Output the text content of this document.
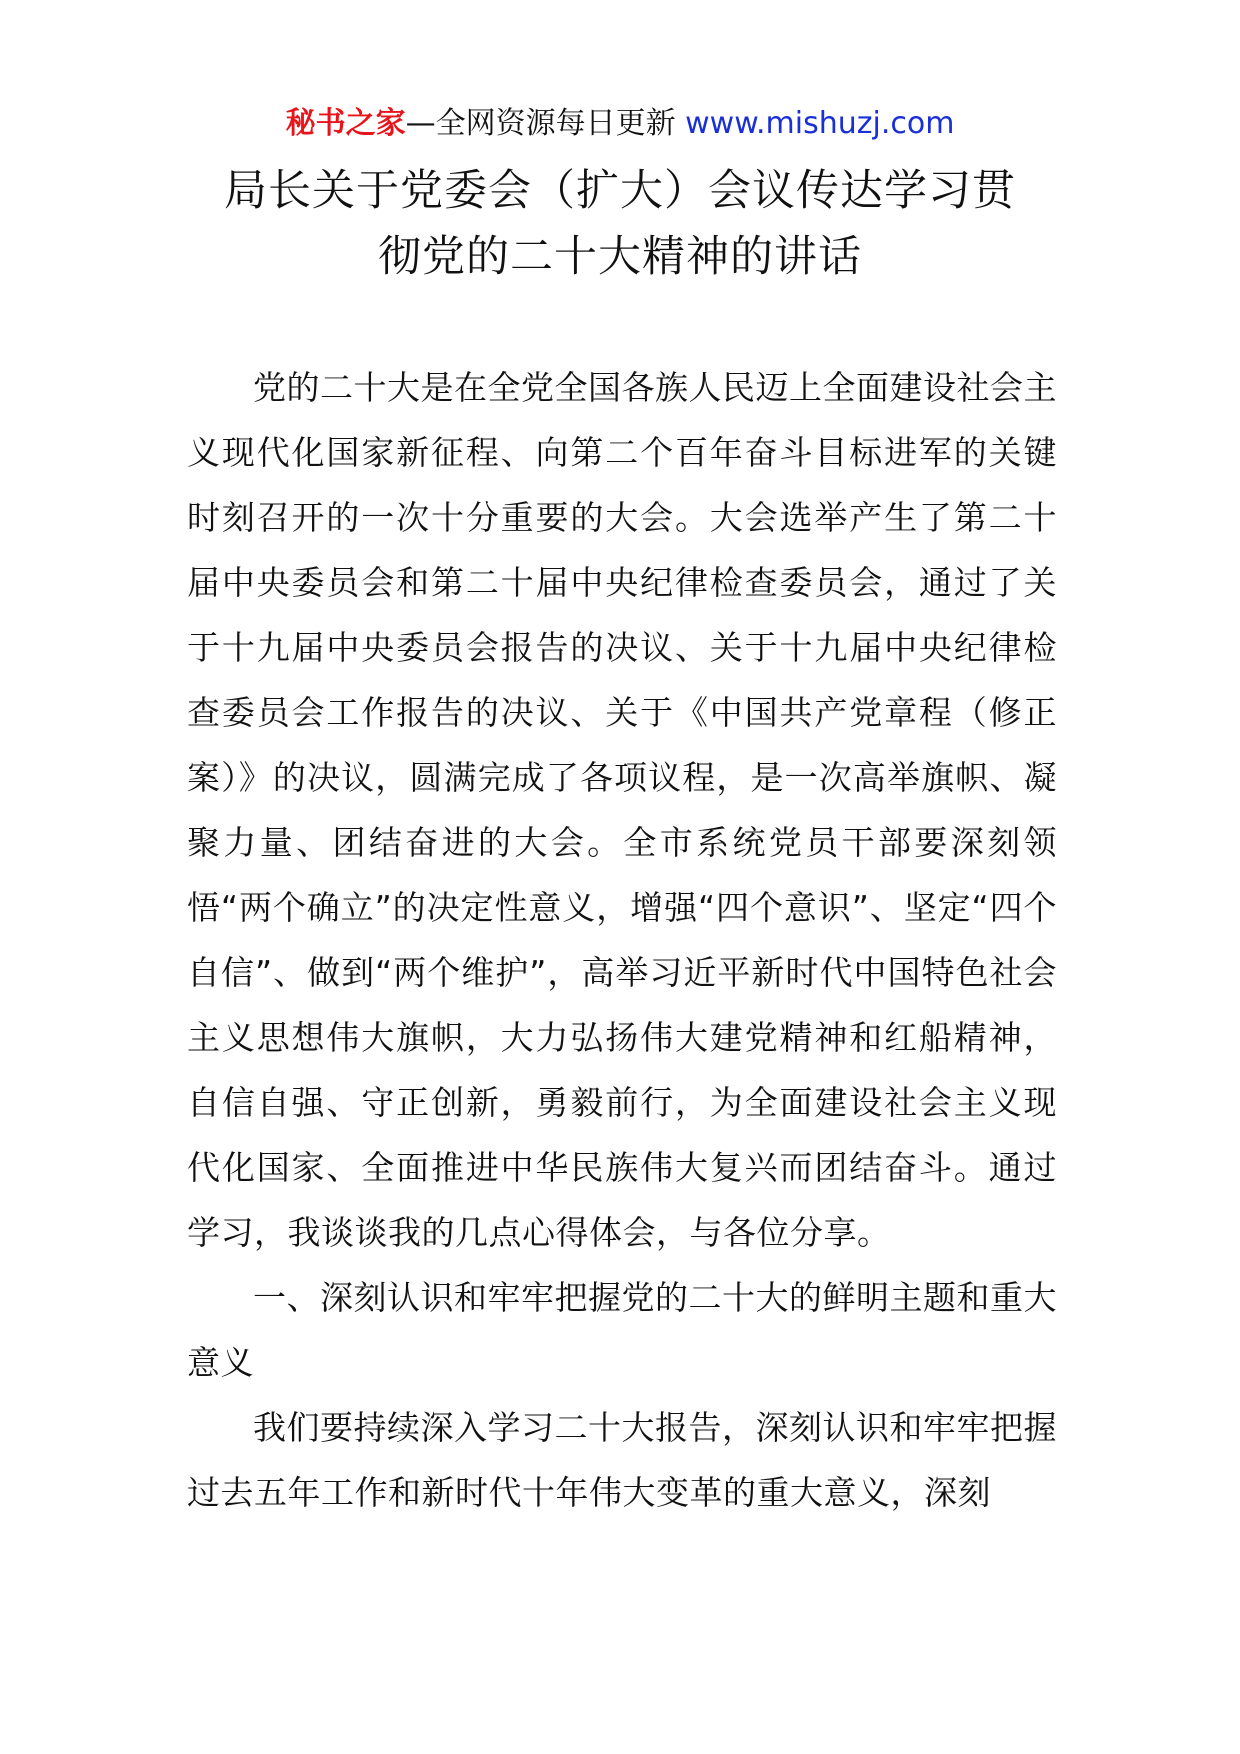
秘书之家—全网资源每日更新 www.mishuzj.com
局长关于党委会（扩大）会议传达学习贯
彻党的二十大精神的讲话

党的二十大是在全党全国各族人民迈上全面建设社会主义现代化国家新征程、向第二个百年奋斗目标进军的关键时刻召开的一次十分重要的大会。大会选举产生了第二十届中央委员会和第二十届中央纪律检查委员会，通过了关于十九届中央委员会报告的决议、关于十九届中央纪律检查委员会工作报告的决议、关于《中国共产党章程（修正案）》的决议，圆满完成了各项议程，是一次高举旗帜、凝聚力量、团结奋进的大会。全市系统党员干部要深刻领悟“两个确立”的决定性意义，增强“四个意识”、坚定“四个自信”、做到“两个维护”，高举习近平新时代中国特色社会主义思想伟大旗帜，大力弘扬伟大建党精神和红船精神，自信自强、守正创新，勇毅前行，为全面建设社会主义现代化国家、全面推进中华民族伟大复兴而团结奋斗。通过学习，我谈谈我的几点心得体会，与各位分享。

一、深刻认识和牢牢把握党的二十大的鲜明主题和重大意义

我们要持续深入学习二十大报告，深刻认识和牢牢把握过去五年工作和新时代十年伟大变革的重大意义，深刻
